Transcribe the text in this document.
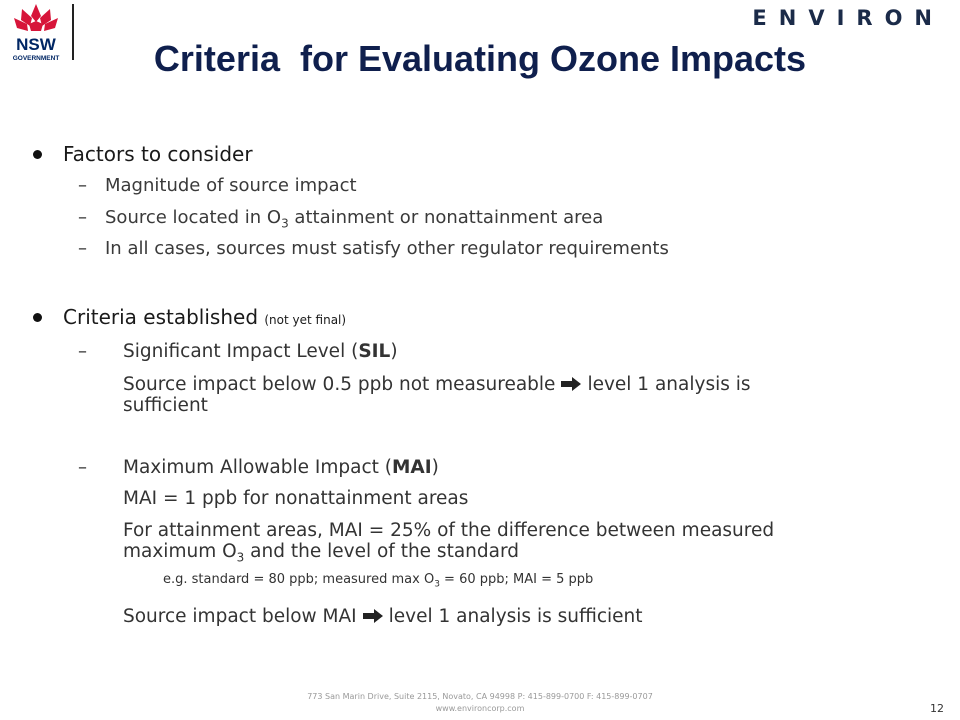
NSW
GOVERNMENT
ENVIRON
Criteria  for Evaluating Ozone Impacts
Factors to consider
– Magnitude of source impact
– Source located in $O_3$ attainment or nonattainment area
– In all cases, sources must satisfy other regulator requirements
Criteria established (not yet final)
– Significant Impact Level (SIL)
Source impact below 0.5 ppb not measureable level 1 analysis is
sufficient
– Maximum Allowable Impact (MAI)
MAI = 1 ppb for nonattainment areas
For attainment areas, MAI = 25% of the difference between measured
maximum $O_3$ and the level of the standard
e.g. standard = 80 ppb; measured $\max O_3 = 60$ ppb; MAI = 5 ppb
Source impact below MAI level 1 analysis is sufficient
773 San Marin Drive, Suite 2115, Novato, CA 94998 P: 415-899-0700 F: 415-899-0707
www.environcorp.com	12
